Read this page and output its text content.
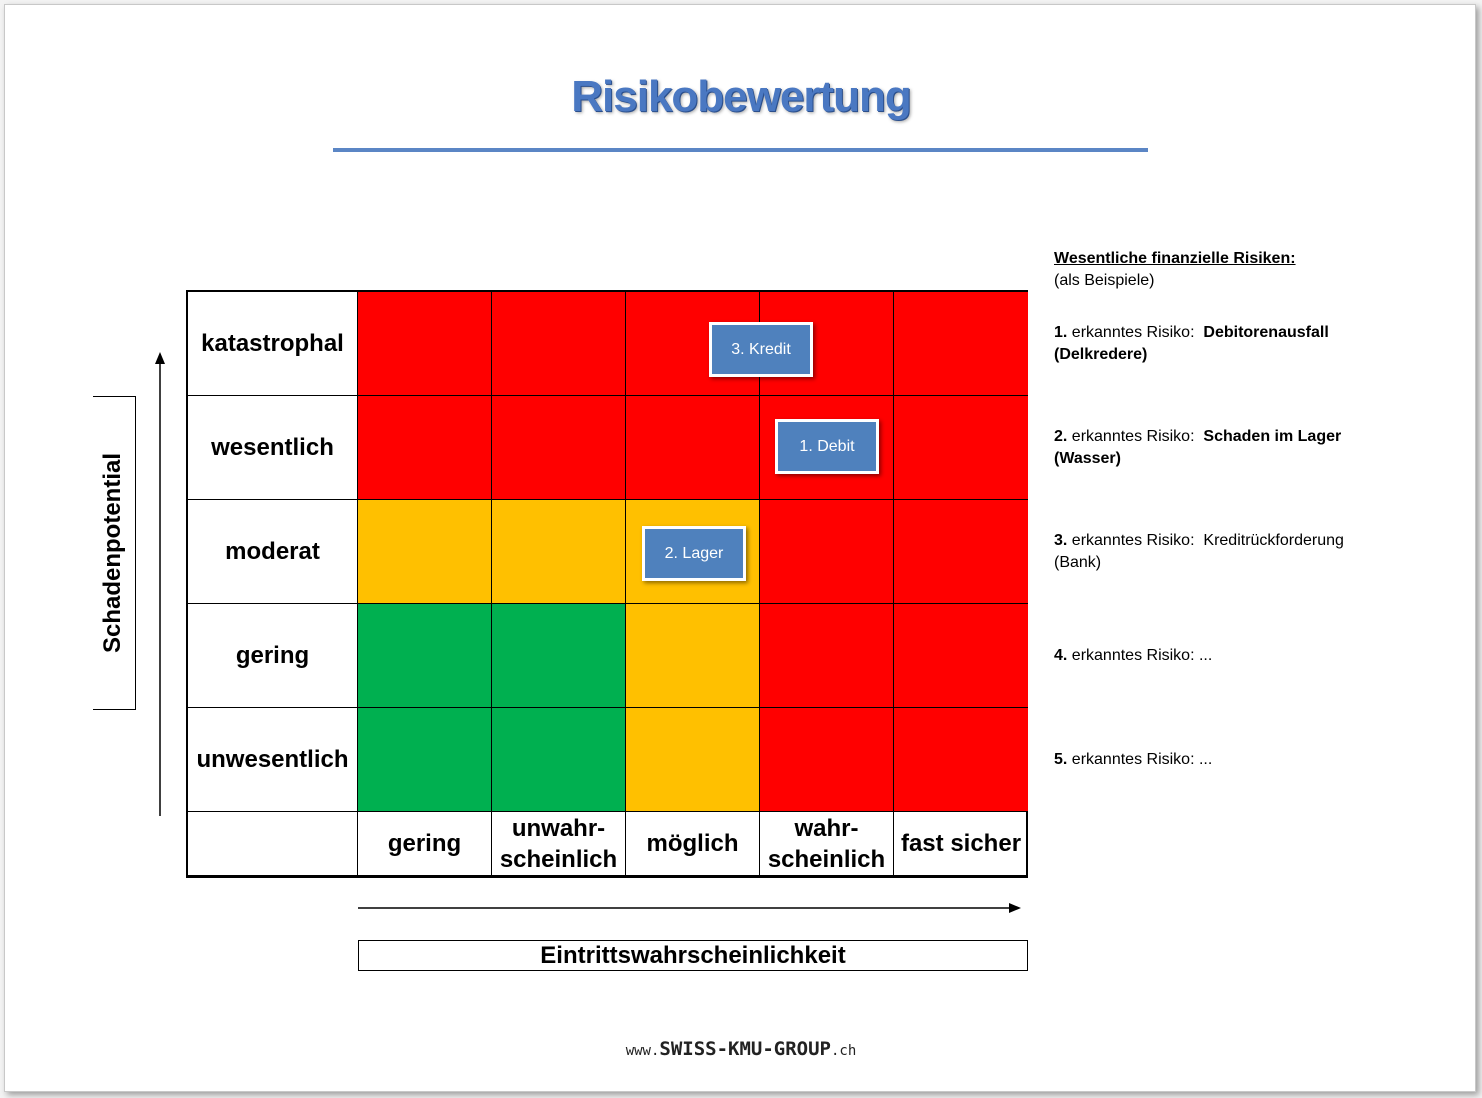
Risikobewertung
Schadenpotential
katastrophal
wesentlich
moderat
gering
unwesentlich
gering
unwahr-
scheinlich
möglich
wahr-
scheinlich
fast sicher
3. Kredit
1. Debit
2. Lager
Eintrittswahrscheinlichkeit
Wesentliche finanzielle Risiken:
(als Beispiele)
1. erkanntes Risiko: Debitorenausfall
(Delkredere)
2. erkanntes Risiko: Schaden im Lager
(Wasser)
3. erkanntes Risiko: Kreditrückforderung
(Bank)
4. erkanntes Risiko: ...
5. erkanntes Risiko: ...
www.SWISS-KMU-GROUP.ch
